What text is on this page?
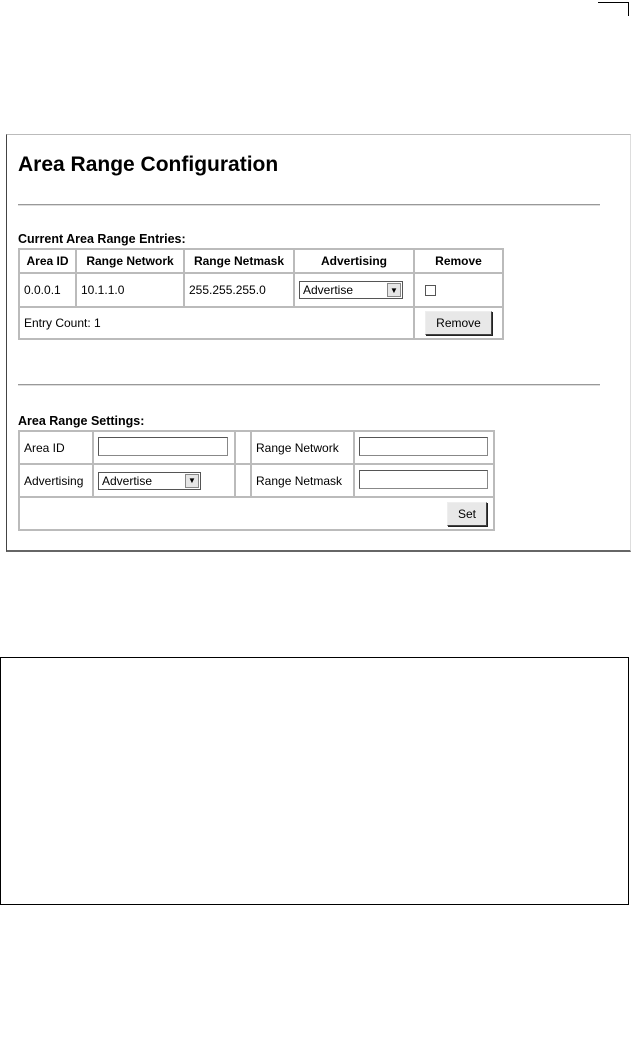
Area Range Configuration
Current Area Range Entries:
Area ID	Range Network	Range Netmask	Advertising	Remove
0.0.0.1	10.1.1.0	255.255.255.0	Advertise ▼	

Entry Count: 1				Remove
Area Range Settings:
Area ID			Range Network	
Advertising	Advertise ▼		Range Netmask	
Set				
